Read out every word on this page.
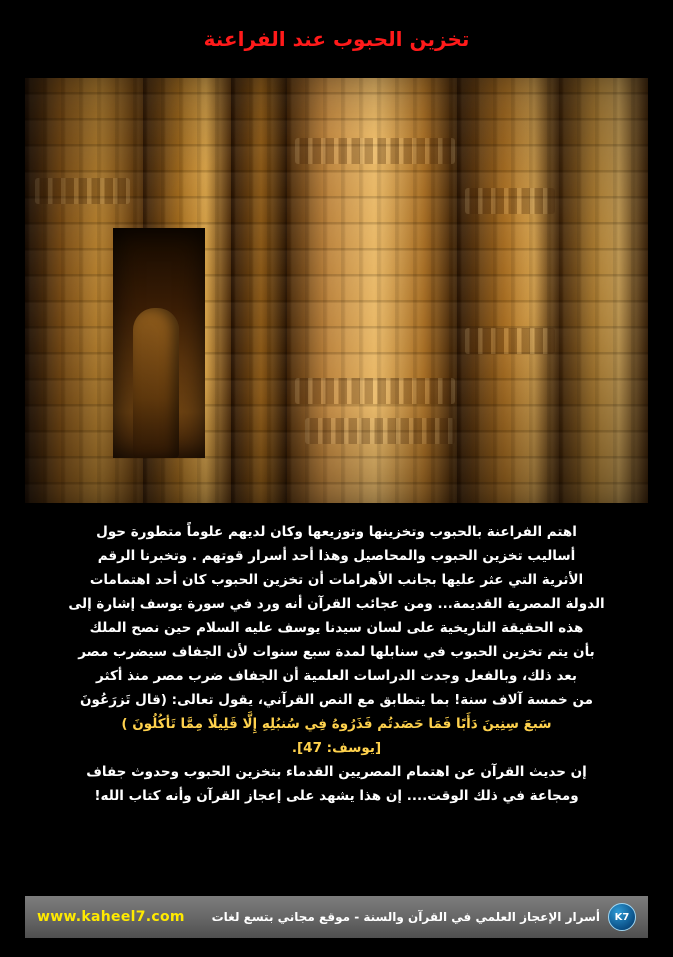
تخزين الحبوب عند الفراعنة

اهتم الفراعنة بالحبوب وتخزينها وتوزيعها وكان لديهم علوماً متطورة حول

أساليب تخزين الحبوب والمحاصيل وهذا أحد أسرار قوتهم . وتخبرنا الرقم

الأثرية التي عثر عليها بجانب الأهرامات أن تخزين الحبوب كان أحد اهتمامات

الدولة المصرية القديمة... ومن عجائب القرآن أنه ورد في سورة يوسف إشارة إلى

هذه الحقيقة التاريخية على لسان سيدنا يوسف عليه السلام حين نصح الملك

بأن يتم تخزين الحبوب في سنابلها لمدة سبع سنوات لأن الجفاف سيضرب مصر

بعد ذلك، وبالفعل وجدت الدراسات العلمية أن الجفاف ضرب مصر منذ أكثر

من خمسة آلاف سنة! بما يتطابق مع النص القرآني، يقول تعالى: (قال تَزرَعُونَ

سَبعَ سِنِينَ دَأَبًا فَمَا حَصَدتُم فَذَرُوهُ فِي سُنبُلِهِ إِلَّا قَلِيلًا مِمَّا تَأكُلُونَ )

[يوسف: 47].

إن حديث القرآن عن اهتمام المصريين القدماء بتخزين الحبوب وحدوث جفاف

ومجاعة في ذلك الوقت.... إن هذا يشهد على إعجاز القرآن وأنه كتاب الله!

K7
أسرار الإعجاز العلمي في القرآن والسنة - موقع مجاني بتسع لغات
www.kaheel7.com
